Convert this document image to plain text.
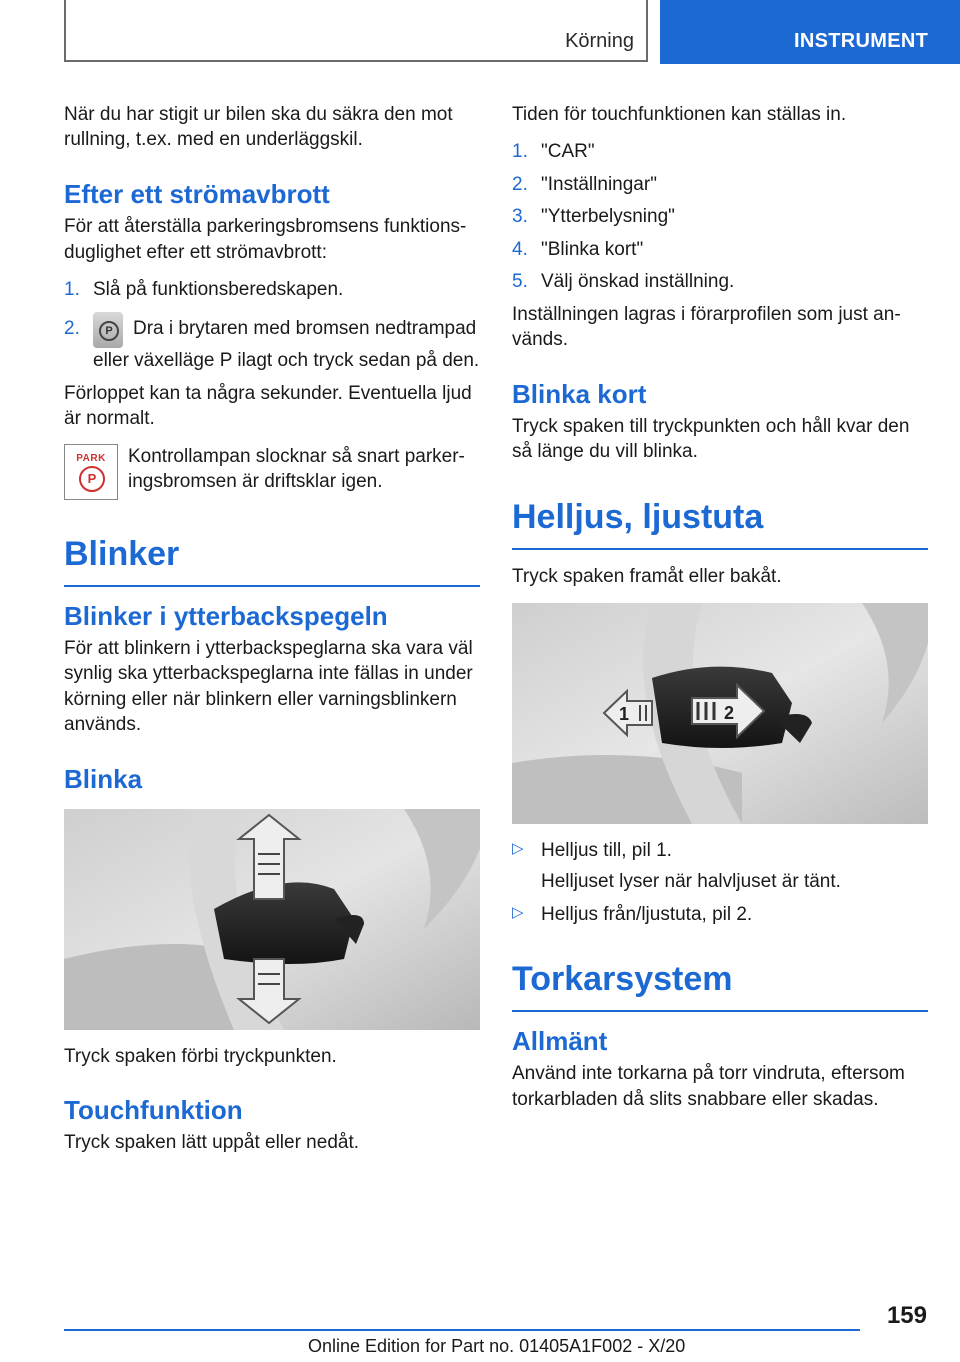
Körning	INSTRUMENT

När du har stigit ur bilen ska du säkra den mot rullning, t.ex. med en underläggskil.

Efter ett strömavbrott

För att återställa parkeringsbromsens funktionsduglighet efter ett strömavbrott:

1. Slå på funktionsberedskapen.
2.	P	Dra i brytaren med bromsen nedtrampad eller växelläge P ilagt och tryck sedan på den.

Förloppet kan ta några sekunder. Eventuella ljud är normalt.

PARK
P
Kontrollampan slocknar så snart parkeringsbromsen är driftsklar igen.
Blinker
Blinker i ytterbackspegeln

För att blinkern i ytterbackspeglarna ska vara väl synlig ska ytterbackspeglarna inte fällas in under körning eller när blinkern eller varningsblinkern används.

Blinka

Tryck spaken förbi tryckpunkten.

Touchfunktion

Tryck spaken lätt uppåt eller nedåt.

Tiden för touchfunktionen kan ställas in.

1. "CAR"
2. "Inställningar"
3. "Ytterbelysning"
4. "Blinka kort"
5. Välj önskad inställning.

Inställningen lagras i förarprofilen som just används.

Blinka kort

Tryck spaken till tryckpunkten och håll kvar den så länge du vill blinka.

Helljus, ljustuta

Tryck spaken framåt eller bakåt.

1	2
▷ Helljus till, pil 1.
Helljuset lyser när halvljuset är tänt.
▷ Helljus från/ljustuta, pil 2.
Torkarsystem
Allmänt

Använd inte torkarna på torr vindruta, eftersom torkarbladen då slits snabbare eller skadas.

159
Online Edition for Part no. 01405A1F002 - X/20
